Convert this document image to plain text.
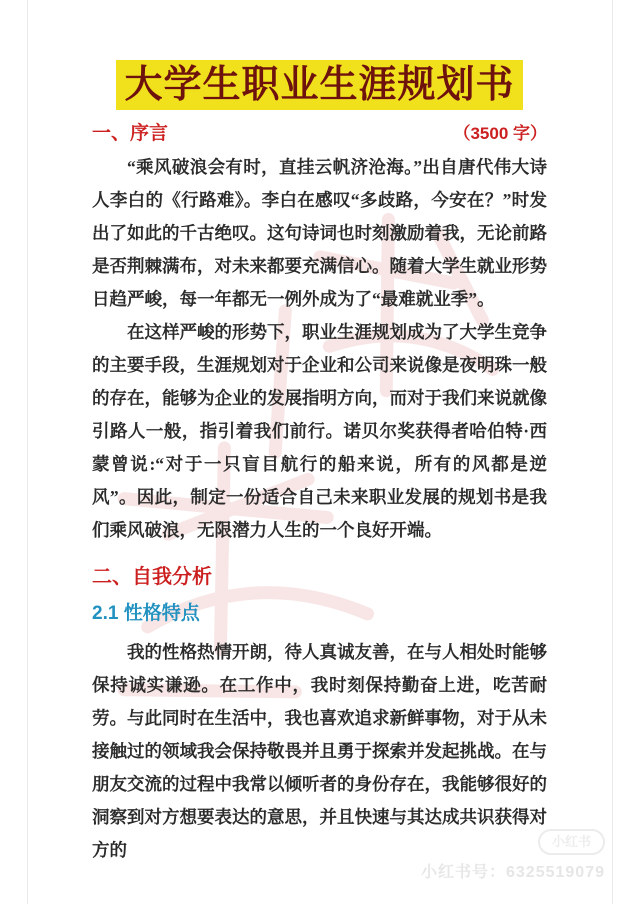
大学生职业生涯规划书
一、序言	（3500 字）

“乘风破浪会有时，直挂云帆济沧海。”出自唐代伟大诗人李白的《行路难》。李白在感叹“多歧路，今安在？”时发出了如此的千古绝叹。这句诗词也时刻激励着我，无论前路是否荆棘满布，对未来都要充满信心。随着大学生就业形势日趋严峻，每一年都无一例外成为了“最难就业季”。

在这样严峻的形势下，职业生涯规划成为了大学生竞争的主要手段，生涯规划对于企业和公司来说像是夜明珠一般的存在，能够为企业的发展指明方向，而对于我们来说就像引路人一般，指引着我们前行。诺贝尔奖获得者哈伯特·西蒙曾说:“对于一只盲目航行的船来说，所有的风都是逆风”。因此，制定一份适合自己未来职业发展的规划书是我们乘风破浪，无限潜力人生的一个良好开端。

二、自我分析
2.1 性格特点

我的性格热情开朗，待人真诚友善，在与人相处时能够保持诚实谦逊。在工作中，我时刻保持勤奋上进，吃苦耐劳。与此同时在生活中，我也喜欢追求新鲜事物，对于从未接触过的领域我会保持敬畏并且勇于探索并发起挑战。在与朋友交流的过程中我常以倾听者的身份存在，我能够很好的洞察到对方想要表达的意思，并且快速与其达成共识获得对方的	小红书
小红书号：6325519079
